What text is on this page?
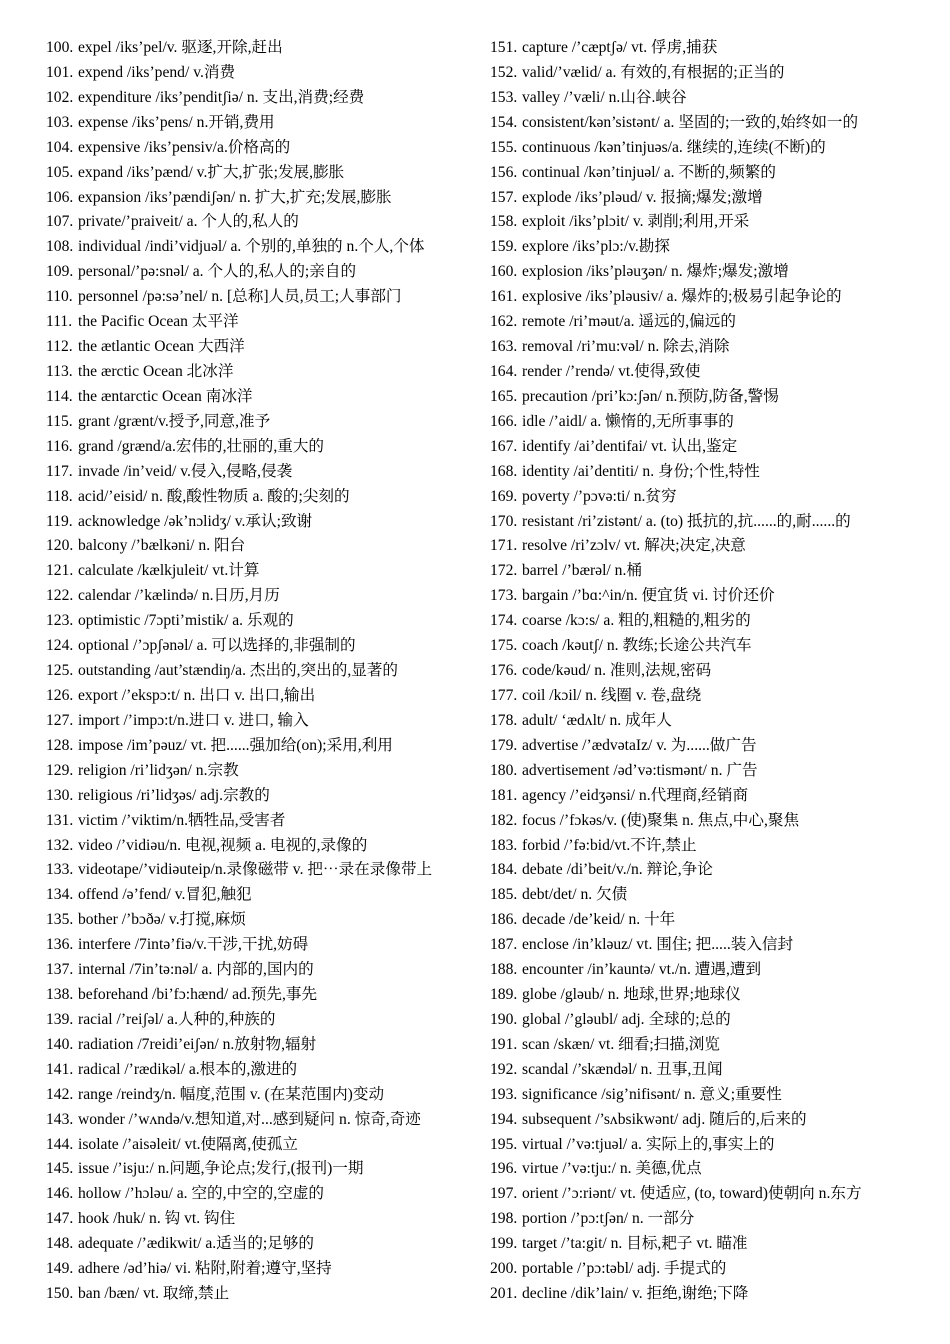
100. expel /iks’pel/v. 驱逐,开除,赶出
101. expend /iks’pend/ v.消费
102. expenditure /iks’penditʃiə/ n. 支出,消费;经费
103. expense /iks’pens/ n.开销,费用
104. expensive /iks’pensiv/a.价格高的
105. expand /iks’pænd/ v.扩大,扩张;发展,膨胀
106. expansion /iks’pændiʃən/ n. 扩大,扩充;发展,膨胀
107. private/’praiveit/ a. 个人的,私人的
108. individual /indi’vidjuəl/ a. 个别的,单独的 n.个人,个体
109. personal/’pə:snəl/ a. 个人的,私人的;亲自的
110. personnel /pə:sə’nel/ n. [总称]人员,员工;人事部门
111. the Pacific Ocean 太平洋
112. the ætlantic Ocean 大西洋
113. the ærctic Ocean 北冰洋
114. the æntarctic Ocean 南冰洋
115. grant /grænt/v.授予,同意,准予
116. grand /grænd/a.宏伟的,壮丽的,重大的
117. invade /in’veid/ v.侵入,侵略,侵袭
118. acid/’eisid/ n. 酸,酸性物质 a. 酸的;尖刻的
119. acknowledge /ək’nɔlidʒ/ v.承认;致谢
120. balcony /’bælkəni/ n. 阳台
121. calculate /kælkjuleit/ vt.计算
122. calendar /’kælində/ n.日历,月历
123. optimistic /7ɔpti’mistik/ a. 乐观的
124. optional /’ɔpʃənəl/ a. 可以选择的,非强制的
125. outstanding /aut’stændiŋ/a. 杰出的,突出的,显著的
126. export /’ekspɔ:t/ n. 出口 v. 出口,输出
127. import /’impɔ:t/n.进口 v. 进口, 输入
128. impose /im’pəuz/ vt. 把......强加给(on);采用,利用
129. religion /ri’lidʒən/ n.宗教
130. religious /ri’lidʒəs/ adj.宗教的
131. victim /’viktim/n.牺牲品,受害者
132. video /’vidiəu/n. 电视,视频 a. 电视的,录像的
133. videotape/’vidiəuteip/n.录像磁带 v. 把⋯录在录像带上
134. offend /ə’fend/ v.冒犯,触犯
135. bother /’bɔðə/ v.打搅,麻烦
136. interfere /7intə’fiə/v.干涉,干扰,妨碍
137. internal /7in’tə:nəl/ a. 内部的,国内的
138. beforehand /bi’fɔ:hænd/ ad.预先,事先
139. racial /’reiʃəl/ a.人种的,种族的
140. radiation /7reidi’eiʃən/ n.放射物,辐射
141. radical /’rædikəl/ a.根本的,激进的
142. range /reindʒ/n. 幅度,范围 v. (在某范围内)变动
143. wonder /’wʌndə/v.想知道,对...感到疑问 n. 惊奇,奇迹
144. isolate /’aisəleit/ vt.使隔离,使孤立
145. issue /’isju:/ n.问题,争论点;发行,(报刊)一期
146. hollow /’hɔləu/ a. 空的,中空的,空虚的
147. hook /huk/ n. 钩 vt. 钩住
148. adequate /’ædikwit/ a.适当的;足够的
149. adhere /əd’hiə/ vi. 粘附,附着;遵守,坚持
150. ban /bæn/ vt. 取缔,禁止
151. capture /’cæptʃə/ vt. 俘虏,捕获
152. valid/’vælid/ a. 有效的,有根据的;正当的
153. valley /’væli/ n.山谷.峡谷
154. consistent/kən’sistənt/ a. 坚固的;一致的,始终如一的
155. continuous /kən’tinjuəs/a. 继续的,连续(不断)的
156. continual /kən’tinjuəl/ a. 不断的,频繁的
157. explode /iks’pləud/ v. 报摘;爆发;激增
158. exploit /iks’plɔit/ v. 剥削;利用,开采
159. explore /iks’plɔ:/v.勘探
160. explosion /iks’pləuʒən/ n. 爆炸;爆发;激增
161. explosive /iks’pləusiv/ a. 爆炸的;极易引起争论的
162. remote /ri’məut/a. 遥远的,偏远的
163. removal /ri’mu:vəl/ n. 除去,消除
164. render /’rendə/ vt.使得,致使
165. precaution /pri’kɔ:ʃən/ n.预防,防备,警惕
166. idle /’aidl/ a. 懒惰的,无所事事的
167. identify /ai’dentifai/ vt. 认出,鉴定
168. identity /ai’dentiti/ n. 身份;个性,特性
169. poverty /’pɔvə:ti/ n.贫穷
170. resistant /ri’zistənt/ a. (to) 抵抗的,抗......的,耐......的
171. resolve /ri’zɔlv/ vt. 解决;决定,决意
172. barrel /’bærəl/ n.桶
173. bargain /’bɑ:^in/n. 便宜货 vi. 讨价还价
174. coarse /kɔ:s/ a. 粗的,粗糙的,粗劣的
175. coach /kəutʃ/ n. 教练;长途公共汽车
176. code/kəud/ n. 准则,法规,密码
177. coil /kɔil/ n. 线圈 v. 卷,盘绕
178. adult/ ‘ædʌlt/ n. 成年人
179. advertise /’ædvətaIz/ v. 为......做广告
180. advertisement /əd’və:tismənt/ n. 广告
181. agency /’eidʒənsi/ n.代理商,经销商
182. focus /’fɔkəs/v. (使)聚集 n. 焦点,中心,聚焦
183. forbid /’fə:bid/vt.不许,禁止
184. debate /di’beit/v./n. 辩论,争论
185. debt/det/ n. 欠债
186. decade /de’keid/ n. 十年
187. enclose /in’kləuz/ vt. 围住; 把.....装入信封
188. encounter /in’kauntə/ vt./n. 遭遇,遭到
189. globe /gləub/ n. 地球,世界;地球仪
190. global /’gləubl/ adj. 全球的;总的
191. scan /skæn/ vt. 细看;扫描,浏览
192. scandal /’skændəl/ n. 丑事,丑闻
193. significance /sig’nifisənt/ n. 意义;重要性
194. subsequent /’sʌbsikwənt/ adj. 随后的,后来的
195. virtual /’və:tjuəl/ a. 实际上的,事实上的
196. virtue /’və:tju:/ n. 美德,优点
197. orient /’ɔ:riənt/ vt. 使适应, (to, toward)使朝向 n.东方
198. portion /’pɔ:tʃən/ n. 一部分
199. target /’ta:git/ n. 目标,耙子 vt. 瞄准
200. portable /’pɔ:təbl/ adj. 手提式的
201. decline /dik’lain/ v. 拒绝,谢绝;下降
